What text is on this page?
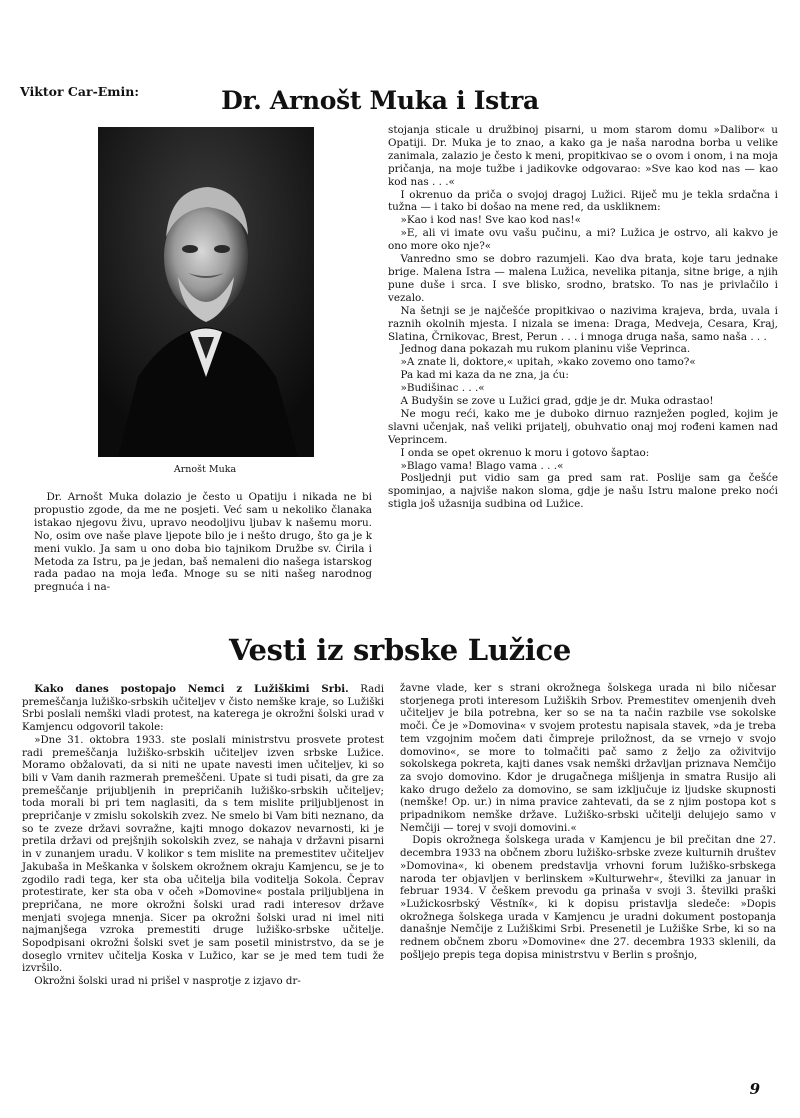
Viktor Car-Emin:	Dr. Arnošt Muka i Istra
Arnošt Muka

Dr. Arnošt Muka dolazio je često u Opatiju i nikada ne bi propustio zgode, da me ne posjeti. Već sam u nekoliko članaka istakao njegovu živu, upravo neodoljivu ljubav k našemu moru. No, osim ove naše plave ljepote bilo je i nešto drugo, što ga je k meni vuklo. Ja sam u ono doba bio tajnikom Družbe sv. Ćirila i Metoda za Istru, pa je jedan, baš nemaleni dio našega istarskog rada padao na moja leđa. Mnoge su se niti našeg narodnog pregnuća i na-

stojanja sticale u družbinoj pisarni, u mom starom domu »Dalibor« u Opatiji. Dr. Muka je to znao, a kako ga je naša narodna borba u velike zanimala, zalazio je često k meni, propitkivao se o ovom i onom, i na moja pričanja, na moje tužbe i jadikovke odgovarao: »Sve kao kod nas — kao kod nas . . .«

I okrenuo da priča o svojoj dragoj Lužici. Riječ mu je tekla srdačna i tužna — i tako bi došao na mene red, da uskliknem:

»Kao i kod nas! Sve kao kod nas!«

»E, ali vi imate ovu vašu pučinu, a mi? Lužica je ostrvo, ali kakvo je ono more oko nje?«

Vanredno smo se dobro razumjeli. Kao dva brata, koje taru jednake brige. Malena Istra — malena Lužica, nevelika pitanja, sitne brige, a njih pune duše i srca. I sve blisko, srodno, bratsko. To nas je privlačilo i vezalo.

Na šetnji se je najčešće propitkivao o nazivima krajeva, brda, uvala i raznih okolnih mjesta. I nizala se imena: Draga, Medveja, Cesara, Kraj, Slatina, Črnikovac, Brest, Perun . . . i mnoga druga naša, samo naša . . .

Jednog dana pokazah mu rukom planinu više Veprinca.

»A znate li, doktore,« upitah, »kako zovemo ono tamo?«

Pa kad mi kaza da ne zna, ja ću:

»Budišinac . . .«

A Budyšin se zove u Lužici grad, gdje je dr. Muka odrastao!

Ne mogu reći, kako me je duboko dirnuo raznježen pogled, kojim je slavni učenjak, naš veliki prijatelj, obuhvatio onaj moj rođeni kamen nad Veprincem.

I onda se opet okrenuo k moru i gotovo šaptao:

»Blago vama! Blago vama . . .«

Posljednji put vidio sam ga pred sam rat. Poslije sam ga češće spominjao, a najviše nakon sloma, gdje je našu Istru malone preko noći stigla još užasnija sudbina od Lužice.

Vesti iz srbske Lužice

Kako danes postopajo Nemci z Lužiškimi Srbi. Radi premeščanja lužiško-srbskih učiteljev v čisto nemške kraje, so Lužiški Srbi poslali nemški vladi protest, na katerega je okrožni šolski urad v Kamjencu odgovoril takole:

»Dne 31. oktobra 1933. ste poslali ministrstvu prosvete protest radi premeščanja lužiško-srbskih učiteljev izven srbske Lužice. Moramo obžalovati, da si niti ne upate navesti imen učiteljev, ki so bili v Vam danih razmerah premeščeni. Upate si tudi pisati, da gre za premeščanje prijubljenih in prepričanih lužiško-srbskih učiteljev; toda morali bi pri tem naglasiti, da s tem mislite priljubljenost in prepričanje v zmislu sokolskih zvez. Ne smelo bi Vam biti neznano, da so te zveze državi sovražne, kajti mnogo dokazov nevarnosti, ki je pretila državi od prejšnjih sokolskih zvez, se nahaja v državni pisarni in v zunanjem uradu. V kolikor s tem mislite na premestitev učiteljev Jakubaša in Meškanka v šolskem okrožnem okraju Kamjencu, se je to zgodilo radi tega, ker sta oba učitelja bila voditelja Sokola. Čeprav protestirate, ker sta oba v očeh »Domovine« postala priljubljena in prepričana, ne more okrožni šolski urad radi interesov države menjati svojega mnenja. Sicer pa okrožni šolski urad ni imel niti najmanjšega vzroka premestiti druge lužiško-srbske učitelje. Sopodpisani okrožni šolski svet je sam posetil ministrstvo, da se je doseglo vrnitev učitelja Koska v Lužico, kar se je med tem tudi že izvršilo.

Okrožni šolski urad ni prišel v nasprotje z izjavo dr-

žavne vlade, ker s strani okrožnega šolskega urada ni bilo ničesar storjenega proti interesom Lužiških Srbov. Premestitev omenjenih dveh učiteljev je bila potrebna, ker so se na ta način razbile vse sokolske moči. Če je »Domovina« v svojem protestu napisala stavek, »da je treba tem vzgojnim močem dati čimpreje priložnost, da se vrnejo v svojo domovino«, se more to tolmačiti pač samo z željo za oživitvijo sokolskega pokreta, kajti danes vsak nemški državljan priznava Nemčijo za svojo domovino. Kdor je drugačnega mišljenja in smatra Rusijo ali kako drugo deželo za domovino, se sam izključuje iz ljudske skupnosti (nemške! Op. ur.) in nima pravice zahtevati, da se z njim postopa kot s pripadnikom nemške države. Lužiško-srbski učitelji delujejo samo v Nemčiji — torej v svoji domovini.«

Dopis okrožnega šolskega urada v Kamjencu je bil prečitan dne 27. decembra 1933 na občnem zboru lužiško-srbske zveze kulturnih društev »Domovina«, ki obenem predstavlja vrhovni forum lužiško-srbskega naroda ter objavljen v berlinskem »Kulturwehr«, številki za januar in februar 1934. V češkem prevodu ga prinaša v svoji 3. številki praški »Lužickosrbský Věstník«, ki k dopisu pristavlja sledeče: »Dopis okrožnega šolskega urada v Kamjencu je uradni dokument postopanja današnje Nemčije z Lužiškimi Srbi. Presenetil je Lužiške Srbe, ki so na rednem občnem zboru »Domovine« dne 27. decembra 1933 sklenili, da pošljejo prepis tega dopisa ministrstvu v Berlin s prošnjo,

9
